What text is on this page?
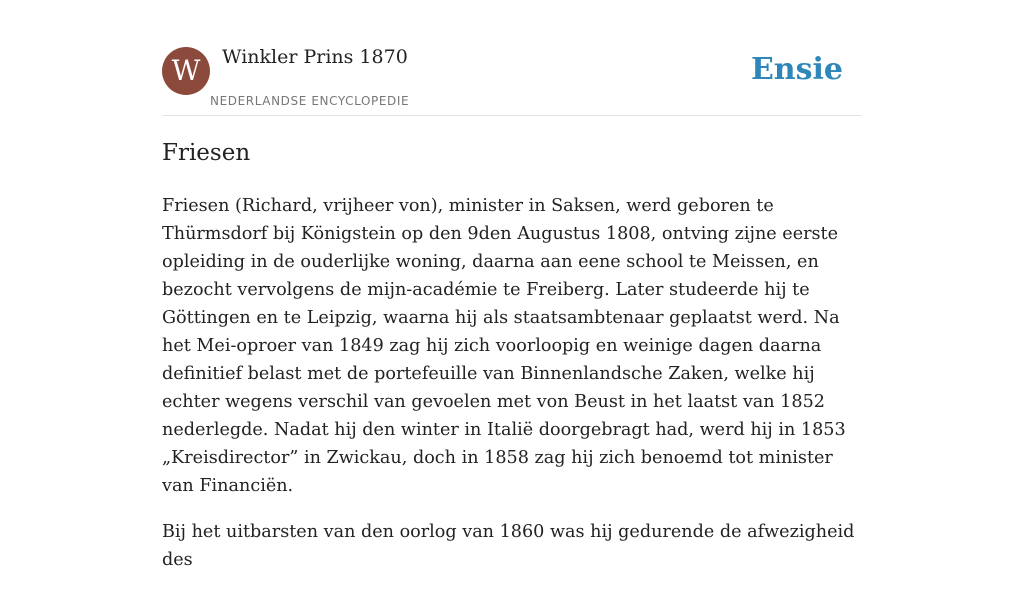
W	Winkler Prins 1870
NEDERLANDSE ENCYCLOPEDIE
Ensie
Friesen

Friesen (Richard, vrijheer von), minister in Saksen, werd geboren te Thürmsdorf bij Königstein op den 9den Augustus 1808, ontving zijne eerste opleiding in de ouderlijke woning, daarna aan eene school te Meissen, en bezocht vervolgens de mijn-académie te Freiberg. Later studeerde hij te Göttingen en te Leipzig, waarna hij als staatsambtenaar geplaatst werd. Na het Mei-oproer van 1849 zag hij zich voorloopig en weinige dagen daarna definitief belast met de portefeuille van Binnenlandsche Zaken, welke hij echter wegens verschil van gevoelen met von Beust in het laatst van 1852 nederlegde. Nadat hij den winter in Italië doorgebragt had, werd hij in 1853 „Kreisdirector” in Zwickau, doch in 1858 zag hij zich benoemd tot minister van Financiën.

Bij het uitbarsten van den oorlog van 1860 was hij gedurende de afwezigheid des
